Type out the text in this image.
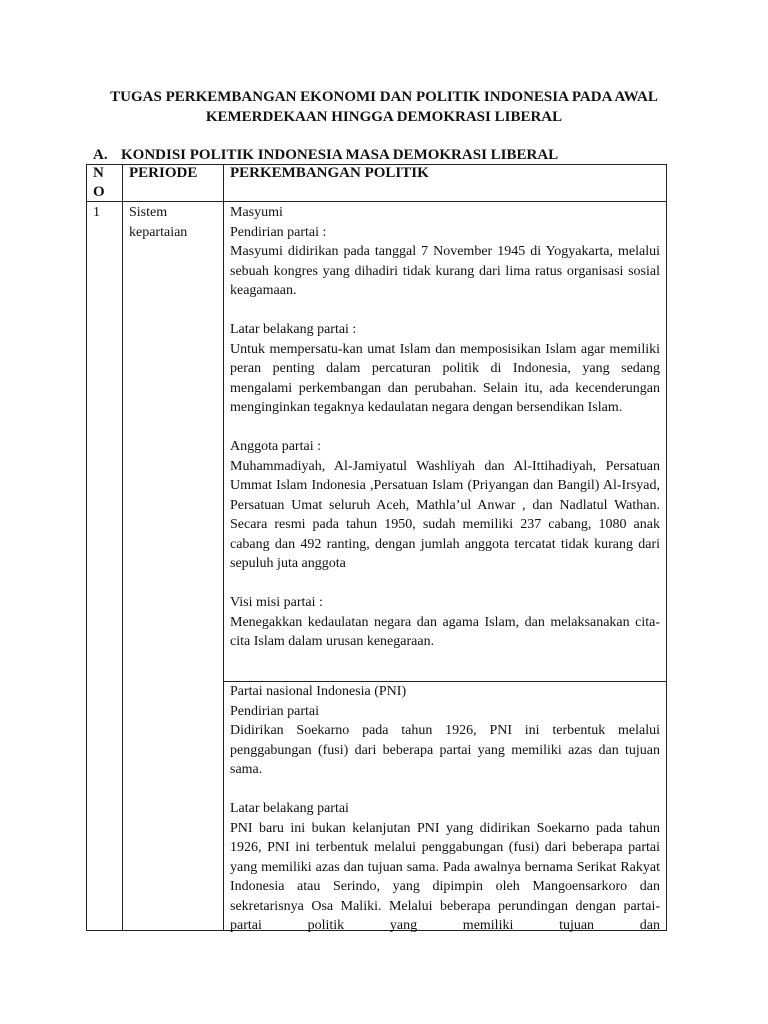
TUGAS PERKEMBANGAN EKONOMI DAN POLITIK INDONESIA PADA AWAL
KEMERDEKAAN HINGGA DEMOKRASI LIBERAL
A. KONDISI POLITIK INDONESIA MASA DEMOKRASI LIBERAL
N
O
PERIODE PERKEMBANGAN POLITIK
1 Sistem
kepartaian

Masyumi

Pendirian partai :

Masyumi didirikan pada tanggal 7 November 1945 di Yogyakarta, melalui sebuah kongres yang dihadiri tidak kurang dari lima ratus organisasi sosial keagamaan.

Latar belakang partai :

Untuk mempersatu-kan umat Islam dan memposisikan Islam agar memiliki peran penting dalam percaturan politik di Indonesia, yang sedang mengalami perkembangan dan perubahan. Selain itu, ada kecenderungan menginginkan tegaknya kedaulatan negara dengan bersendikan Islam.

Anggota partai :

Muhammadiyah, Al-Jamiyatul Washliyah dan Al-Ittihadiyah, Persatuan Ummat Islam Indonesia ,Persatuan Islam (Priyangan dan Bangil) Al-Irsyad, Persatuan Umat seluruh Aceh, Mathla’ul Anwar , dan Nadlatul Wathan. Secara resmi pada tahun 1950, sudah memiliki 237 cabang, 1080 anak cabang dan 492 ranting, dengan jumlah anggota tercatat tidak kurang dari sepuluh juta anggota

Visi misi partai :

Menegakkan kedaulatan negara dan agama Islam, dan melaksanakan cita-cita Islam dalam urusan kenegaraan.

Partai nasional Indonesia (PNI)

Pendirian partai

Didirikan Soekarno pada tahun 1926, PNI ini terbentuk melalui penggabungan (fusi) dari beberapa partai yang memiliki azas dan tujuan sama.

Latar belakang partai

PNI baru ini bukan kelanjutan PNI yang didirikan Soekarno pada tahun 1926, PNI ini terbentuk melalui penggabungan (fusi) dari beberapa partai yang memiliki azas dan tujuan sama. Pada awalnya bernama Serikat Rakyat Indonesia atau Serindo, yang dipimpin oleh Mangoensarkoro dan sekretarisnya Osa Maliki. Melalui beberapa perundingan dengan partai-partai politik yang memiliki tujuan dan
